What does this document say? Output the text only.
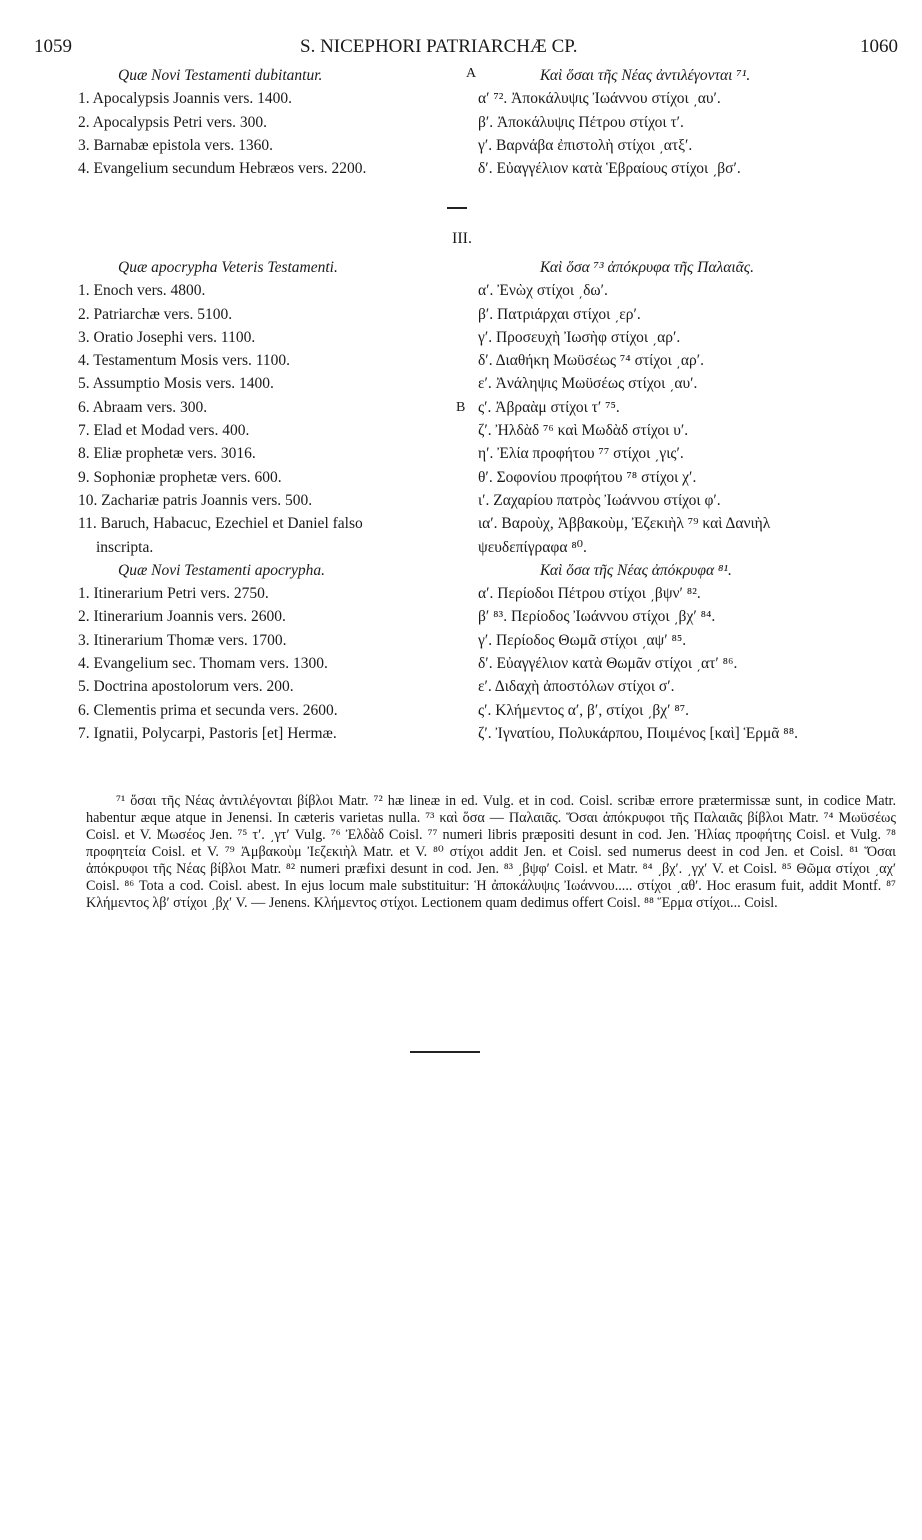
1059	S. NICEPHORI PATRIARCHÆ CP.	1060
A
III.
B
Quæ Novi Testamenti dubitantur.
1. Apocalypsis Joannis vers. 1400.
2. Apocalypsis Petri vers. 300.
3. Barnabæ epistola vers. 1360.
4. Evangelium secundum Hebræos vers. 2200.
Καὶ ὅσαι τῆς Νέας ἀντιλέγονται ⁷¹.
α′ ⁷². Ἀποκάλυψις Ἰωάννου στίχοι ͵αυ′.
β′. Ἀποκάλυψις Πέτρου στίχοι τ′.
γ′. Βαρνάβα ἐπιστολὴ στίχοι ͵ατξ′.
δ′. Εὐαγγέλιον κατὰ Ἑβραίους στίχοι ͵βσ′.
Quæ apocrypha Veteris Testamenti.
1. Enoch vers. 4800.
2. Patriarchæ vers. 5100.
3. Oratio Josephi vers. 1100.
4. Testamentum Mosis vers. 1100.
5. Assumptio Mosis vers. 1400.
6. Abraam vers. 300.
7. Elad et Modad vers. 400.
8. Eliæ prophetæ vers. 3016.
9. Sophoniæ prophetæ vers. 600.
10. Zachariæ patris Joannis vers. 500.
11. Baruch, Habacuc, Ezechiel et Daniel falso
inscripta.
Quæ Novi Testamenti apocrypha.
1. Itinerarium Petri vers. 2750.
2. Itinerarium Joannis vers. 2600.
3. Itinerarium Thomæ vers. 1700.
4. Evangelium sec. Thomam vers. 1300.
5. Doctrina apostolorum vers. 200.
6. Clementis prima et secunda vers. 2600.
7. Ignatii, Polycarpi, Pastoris [et] Hermæ.
Καὶ ὅσα ⁷³ ἀπόκρυφα τῆς Παλαιᾶς.
α′. Ἐνὼχ στίχοι ͵δω′.
β′. Πατριάρχαι στίχοι ͵ερ′.
γ′. Προσευχὴ Ἰωσὴφ στίχοι ͵αρ′.
δ′. Διαθήκη Μωϋσέως ⁷⁴ στίχοι ͵αρ′.
ε′. Ἀνάληψις Μωϋσέως στίχοι ͵αυ′.
ς′. Ἀβραὰμ στίχοι τ′ ⁷⁵.
ζ′. Ἠλδὰδ ⁷⁶ καὶ Μωδὰδ στίχοι υ′.
η′. Ἐλία προφήτου ⁷⁷ στίχοι ͵γις′.
θ′. Σοφονίου προφήτου ⁷⁸ στίχοι χ′.
ι′. Ζαχαρίου πατρὸς Ἰωάννου στίχοι φ′.
ια′. Βαροὺχ, Ἀββακοὺμ, Ἐζεκιὴλ ⁷⁹ καὶ Δανιὴλ
ψευδεπίγραφα ⁸⁰.
Καὶ ὅσα τῆς Νέας ἀπόκρυφα ⁸¹.
α′. Περίοδοι Πέτρου στίχοι ͵βψν′ ⁸².
β′ ⁸³. Περίοδος Ἰωάννου στίχοι ͵βχ′ ⁸⁴.
γ′. Περίοδος Θωμᾶ στίχοι ͵αψ′ ⁸⁵.
δ′. Εὐαγγέλιον κατὰ Θωμᾶν στίχοι ͵ατ′ ⁸⁶.
ε′. Διδαχὴ ἀποστόλων στίχοι σ′.
ς′. Κλήμεντος α′, β′, στίχοι ͵βχ′ ⁸⁷.
ζ′. Ἰγνατίου, Πολυκάρπου, Ποιμένος [καὶ] Ἑρμᾶ ⁸⁸.
⁷¹ ὅσαι τῆς Νέας ἀντιλέγονται βίβλοι Matr. ⁷² hæ lineæ in ed. Vulg. et in cod. Coisl. scribæ errore prætermissæ sunt, in codice Matr. habentur æque atque in Jenensi. In cæteris varietas nulla. ⁷³ καὶ ὅσα — Παλαιᾶς. Ὅσαι ἀπόκρυφοι τῆς Παλαιᾶς βίβλοι Matr. ⁷⁴ Μωϋσέως Coisl. et V. Μωσέος Jen. ⁷⁵ τ′. ͵γτ′ Vulg. ⁷⁶ Ἐλδὰδ Coisl. ⁷⁷ numeri libris præpositi desunt in cod. Jen. Ἠλίας προφήτης Coisl. et Vulg. ⁷⁸ προφητεία Coisl. et V. ⁷⁹ Ἀμβακοὺμ Ἰεζεκιὴλ Matr. et V. ⁸⁰ στίχοι addit Jen. et Coisl. sed numerus deest in cod Jen. et Coisl. ⁸¹ Ὅσαι ἀπόκρυφοι τῆς Νέας βίβλοι Matr. ⁸² numeri præfixi desunt in cod. Jen. ⁸³ ͵βψφ′ Coisl. et Matr. ⁸⁴ ͵βχ′. ͵γχ′ V. et Coisl. ⁸⁵ Θῶμα στίχοι ͵αχ′ Coisl. ⁸⁶ Tota a cod. Coisl. abest. In ejus locum male substituitur: Ἡ ἀποκάλυψις Ἰωάννου..... στίχοι ͵αθ′. Hoc erasum fuit, addit Montf. ⁸⁷ Κλήμεντος λβ′ στίχοι ͵βχ′ V. — Jenens. Κλήμεντος στίχοι. Lectionem quam dedimus offert Coisl. ⁸⁸ Ἕρμα στίχοι... Coisl.
